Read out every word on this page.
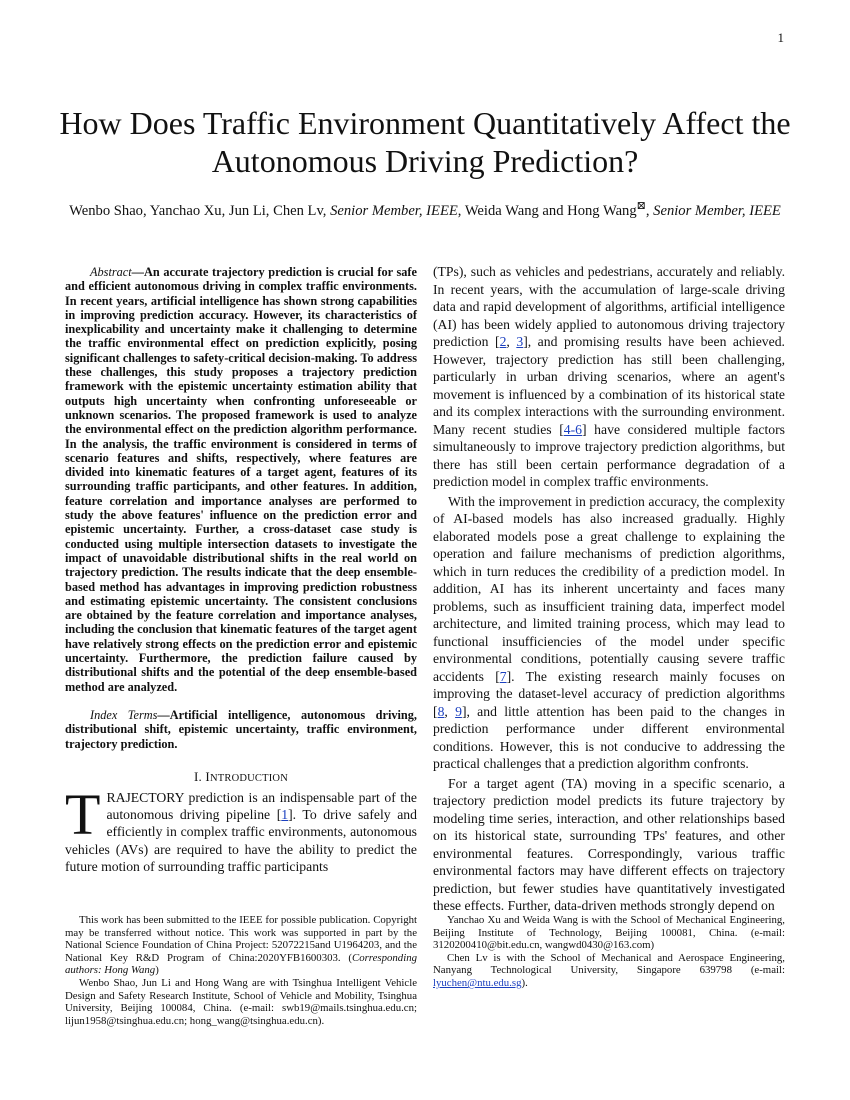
1
How Does Traffic Environment Quantitatively Affect the Autonomous Driving Prediction?
Wenbo Shao, Yanchao Xu, Jun Li, Chen Lv, Senior Member, IEEE, Weida Wang and Hong Wang⊠, Senior Member, IEEE

Abstract—An accurate trajectory prediction is crucial for safe and efficient autonomous driving in complex traffic environments. In recent years, artificial intelligence has shown strong capabilities in improving prediction accuracy. However, its characteristics of inexplicability and uncertainty make it challenging to determine the traffic environmental effect on prediction explicitly, posing significant challenges to safety-critical decision-making. To address these challenges, this study proposes a trajectory prediction framework with the epistemic uncertainty estimation ability that outputs high uncertainty when confronting unforeseeable or unknown scenarios. The proposed framework is used to analyze the environmental effect on the prediction algorithm performance. In the analysis, the traffic environment is considered in terms of scenario features and shifts, respectively, where features are divided into kinematic features of a target agent, features of its surrounding traffic participants, and other features. In addition, feature correlation and importance analyses are performed to study the above features' influence on the prediction error and epistemic uncertainty. Further, a cross-dataset case study is conducted using multiple intersection datasets to investigate the impact of unavoidable distributional shifts in the real world on trajectory prediction. The results indicate that the deep ensemble-based method has advantages in improving prediction robustness and estimating epistemic uncertainty. The consistent conclusions are obtained by the feature correlation and importance analyses, including the conclusion that kinematic features of the target agent have relatively strong effects on the prediction error and epistemic uncertainty. Furthermore, the prediction failure caused by distributional shifts and the potential of the deep ensemble-based method are analyzed.

Index Terms—Artificial intelligence, autonomous driving, distributional shift, epistemic uncertainty, traffic environment, trajectory prediction.

I. INTRODUCTION

TRAJECTORY prediction is an indispensable part of the autonomous driving pipeline [1]. To drive safely and efficiently in complex traffic environments, autonomous vehicles (AVs) are required to have the ability to predict the future motion of surrounding traffic participants

(TPs), such as vehicles and pedestrians, accurately and reliably. In recent years, with the accumulation of large-scale driving data and rapid development of algorithms, artificial intelligence (AI) has been widely applied to autonomous driving trajectory prediction [2, 3], and promising results have been achieved. However, trajectory prediction has still been challenging, particularly in urban driving scenarios, where an agent's movement is influenced by a combination of its historical state and its complex interactions with the surrounding environment. Many recent studies [4-6] have considered multiple factors simultaneously to improve trajectory prediction algorithms, but there has still been certain performance degradation of a prediction model in complex traffic environments.

With the improvement in prediction accuracy, the complexity of AI-based models has also increased gradually. Highly elaborated models pose a great challenge to explaining the operation and failure mechanisms of prediction algorithms, which in turn reduces the credibility of a prediction model. In addition, AI has its inherent uncertainty and faces many problems, such as insufficient training data, imperfect model architecture, and limited training process, which may lead to functional insufficiencies of the model under specific environmental conditions, potentially causing severe traffic accidents [7]. The existing research mainly focuses on improving the dataset-level accuracy of prediction algorithms [8, 9], and little attention has been paid to the changes in prediction performance under different environmental conditions. However, this is not conducive to addressing the practical challenges that a prediction algorithm confronts.

For a target agent (TA) moving in a specific scenario, a trajectory prediction model predicts its future trajectory by modeling time series, interaction, and other relationships based on its historical state, surrounding TPs' features, and other environmental features. Correspondingly, various traffic environmental factors may have different effects on trajectory prediction, but fewer studies have quantitatively investigated these effects. Further, data-driven methods strongly depend on

This work has been submitted to the IEEE for possible publication. Copyright may be transferred without notice. This work was supported in part by the National Science Foundation of China Project: 52072215and U1964203, and the National Key R&D Program of China:2020YFB1600303. (Corresponding authors: Hong Wang)

Wenbo Shao, Jun Li and Hong Wang are with Tsinghua Intelligent Vehicle Design and Safety Research Institute, School of Vehicle and Mobility, Tsinghua University, Beijing 100084, China. (e-mail: swb19@mails.tsinghua.edu.cn; lijun1958@tsinghua.edu.cn; hong_wang@tsinghua.edu.cn).

Yanchao Xu and Weida Wang is with the School of Mechanical Engineering, Beijing Institute of Technology, Beijing 100081, China. (e-mail: 3120200410@bit.edu.cn, wangwd0430@163.com)

Chen Lv is with the School of Mechanical and Aerospace Engineering, Nanyang Technological University, Singapore 639798 (e-mail: lyuchen@ntu.edu.sg).
